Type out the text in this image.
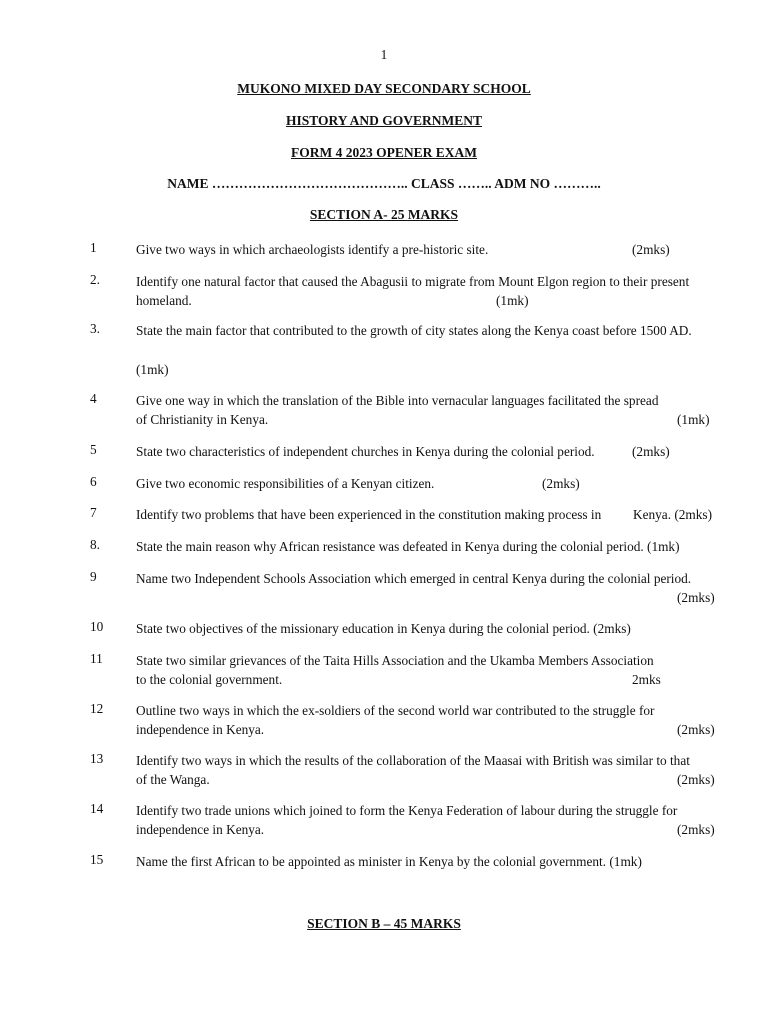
1
MUKONO MIXED DAY SECONDARY SCHOOL
HISTORY AND GOVERNMENT
FORM 4 2023 OPENER EXAM
NAME …………………………………….. CLASS …….. ADM NO ………..
SECTION A- 25 MARKS
1	Give two ways in which archaeologists identify a pre-historic site.	(2mks)
2.	Identify one natural factor that caused the Abagusii to migrate from Mount Elgon region to their present
homeland.	(1mk)
3.	State the main factor that contributed to the growth of city states along the Kenya coast before 1500 AD.
(1mk)
4	Give one way in which the translation of the Bible into vernacular languages facilitated the spread
of Christianity in Kenya.	(1mk)
5	State two characteristics of independent churches in Kenya during the colonial period.	(2mks)
6	Give two economic responsibilities of a Kenyan citizen.	(2mks)
7	Identify two problems that have been experienced in the constitution making process in Kenya. (2mks)
8.	State the main reason why African resistance was defeated in Kenya during the colonial period. (1mk)
9	Name two Independent Schools Association which emerged in central Kenya during the colonial period.
(2mks)
10 State two objectives of the missionary education in Kenya during the colonial period. (2mks)
11 State two similar grievances of the Taita Hills Association and the Ukamba Members Association
to the colonial government.	2mks
12 Outline two ways in which the ex-soldiers of the second world war contributed to the struggle for
independence in Kenya.	(2mks)
13 Identify two ways in which the results of the collaboration of the Maasai with British was similar to that
of the Wanga.	(2mks)
14 Identify two trade unions which joined to form the Kenya Federation of labour during the struggle for
independence in Kenya.	(2mks)
15 Name the first African to be appointed as minister in Kenya by the colonial government. (1mk)
SECTION B – 45 MARKS
